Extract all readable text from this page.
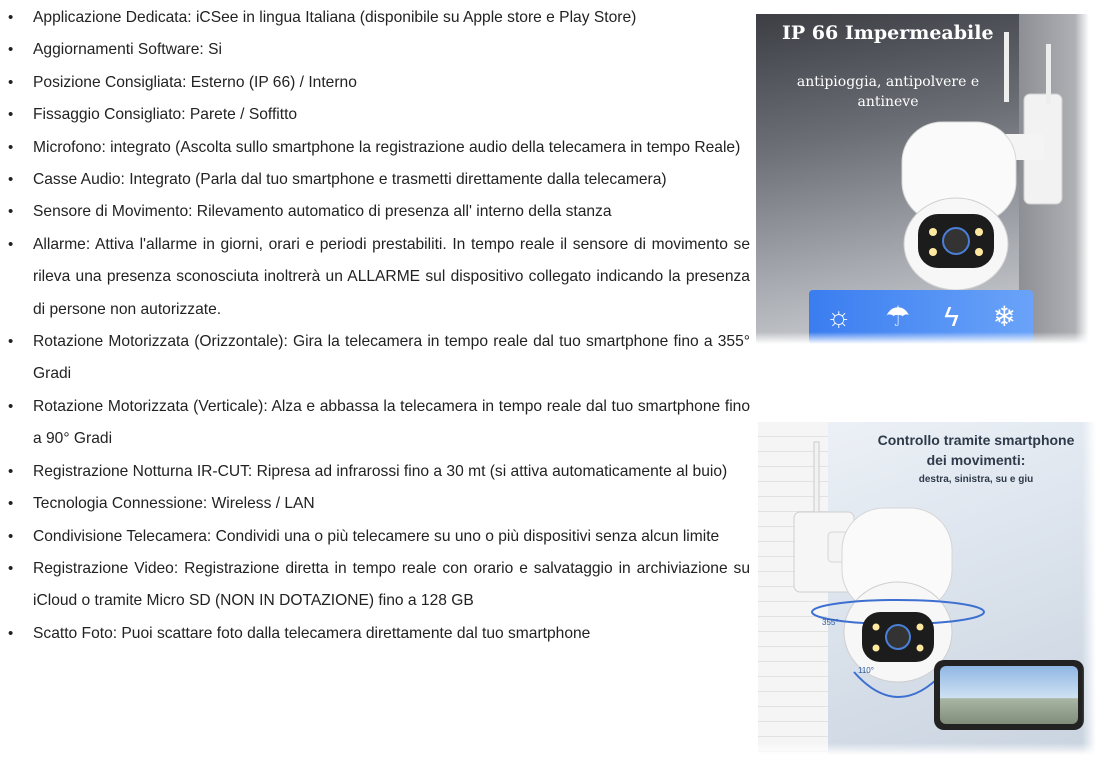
• Applicazione Dedicata: iCSee in lingua Italiana (disponibile su Apple store e Play Store)
• Aggiornamenti Software: Si
• Posizione Consigliata: Esterno (IP 66) / Interno
• Fissaggio Consigliato: Parete / Soffitto
• Microfono: integrato (Ascolta sullo smartphone la registrazione audio della telecamera in tempo Reale)
• Casse Audio: Integrato (Parla dal tuo smartphone e trasmetti direttamente dalla telecamera)
• Sensore di Movimento: Rilevamento automatico di presenza all' interno della stanza
• Allarme: Attiva l'allarme in giorni, orari e periodi prestabiliti. In tempo reale il sensore di movimento se rileva una presenza sconosciuta inoltrerà un ALLARME sul dispositivo collegato indicando la presenza di persone non autorizzate.
• Rotazione Motorizzata (Orizzontale): Gira la telecamera in tempo reale dal tuo smartphone fino a 355° Gradi
• Rotazione Motorizzata (Verticale): Alza e abbassa la telecamera in tempo reale dal tuo smartphone fino a 90° Gradi
• Registrazione Notturna IR-CUT: Ripresa ad infrarossi fino a 30 mt (si attiva automaticamente al buio)
• Tecnologia Connessione: Wireless / LAN
• Condivisione Telecamera: Condividi una o più telecamere su uno o più dispositivi senza alcun limite
• Registrazione Video: Registrazione diretta in tempo reale con orario e salvataggio in archiviazione su iCloud o tramite Micro SD (NON IN DOTAZIONE) fino a 128 GB
• Scatto Foto: Puoi scattare foto dalla telecamera direttamente dal tuo smartphone
IP 66 Impermeabile
antipioggia, antipolvere e antineve
☼ ☂ ϟ ❄
Controllo tramite smartphone dei movimenti:
destra, sinistra, su e giu
355°
110°
